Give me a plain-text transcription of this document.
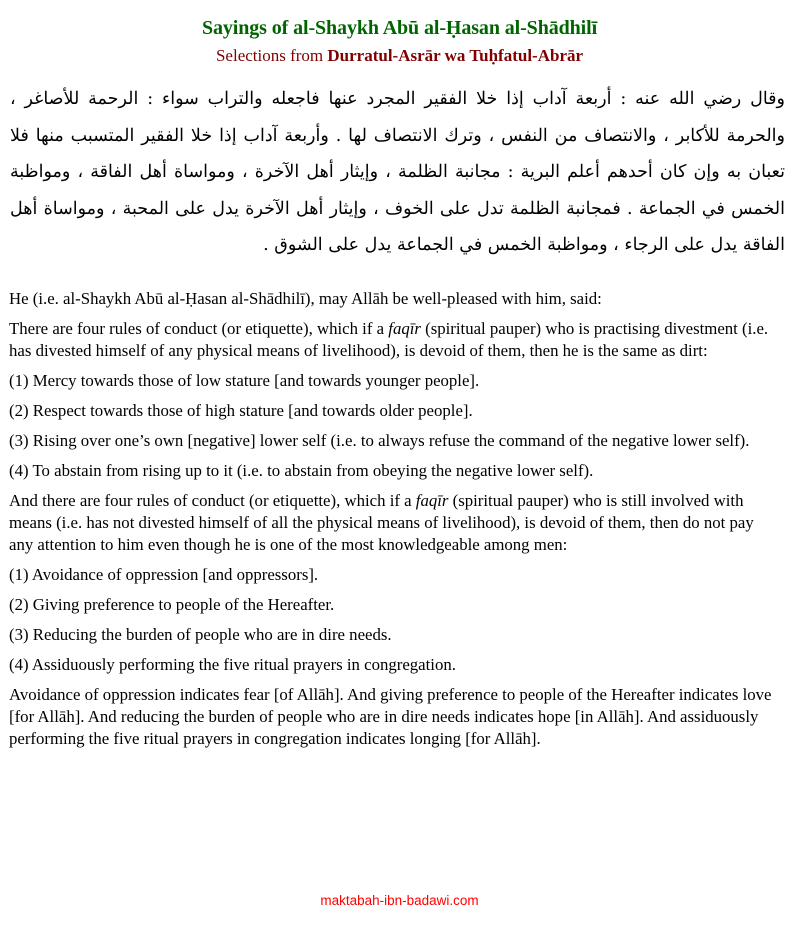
Sayings of al-Shaykh Abū al-Ḥasan al-Shādhilī

Selections from Durratul-Asrār wa Tuḥfatul-Abrār

وقال رضي الله عنه : أربعة آداب إذا خلا الفقير المجرد عنها فاجعله والتراب سواء : الرحمة للأصاغر ، والحرمة للأكابر ، والانتصاف من النفس ، وترك الانتصاف لها . وأربعة آداب إذا خلا الفقير المتسبب منها فلا تعبان به وإن كان أحدهم أعلم البرية : مجانبة الظلمة ، وإيثار أهل الآخرة ، ومواساة أهل الفاقة ، ومواظبة الخمس في الجماعة . فمجانبة الظلمة تدل على الخوف ، وإيثار أهل الآخرة يدل على المحبة ، ومواساة أهل الفاقة يدل على الرجاء ، ومواظبة الخمس في الجماعة يدل على الشوق .

He (i.e. al-Shaykh Abū al-Ḥasan al-Shādhilī), may Allāh be well-pleased with him, said:

There are four rules of conduct (or etiquette), which if a faqīr (spiritual pauper) who is practising divestment (i.e. has divested himself of any physical means of livelihood), is devoid of them, then he is the same as dirt:

(1) Mercy towards those of low stature [and towards younger people].

(2) Respect towards those of high stature [and towards older people].

(3) Rising over one’s own [negative] lower self (i.e. to always refuse the command of the negative lower self).

(4) To abstain from rising up to it (i.e. to abstain from obeying the negative lower self).

And there are four rules of conduct (or etiquette), which if a faqīr (spiritual pauper) who is still involved with means (i.e. has not divested himself of all the physical means of livelihood), is devoid of them, then do not pay any attention to him even though he is one of the most knowledgeable among men:

(1) Avoidance of oppression [and oppressors].

(2) Giving preference to people of the Hereafter.

(3) Reducing the burden of people who are in dire needs.

(4) Assiduously performing the five ritual prayers in congregation.

Avoidance of oppression indicates fear [of Allāh]. And giving preference to people of the Hereafter indicates love [for Allāh]. And reducing the burden of people who are in dire needs indicates hope [in Allāh]. And assiduously performing the five ritual prayers in congregation indicates longing [for Allāh].

maktabah-ibn-badawi.com
